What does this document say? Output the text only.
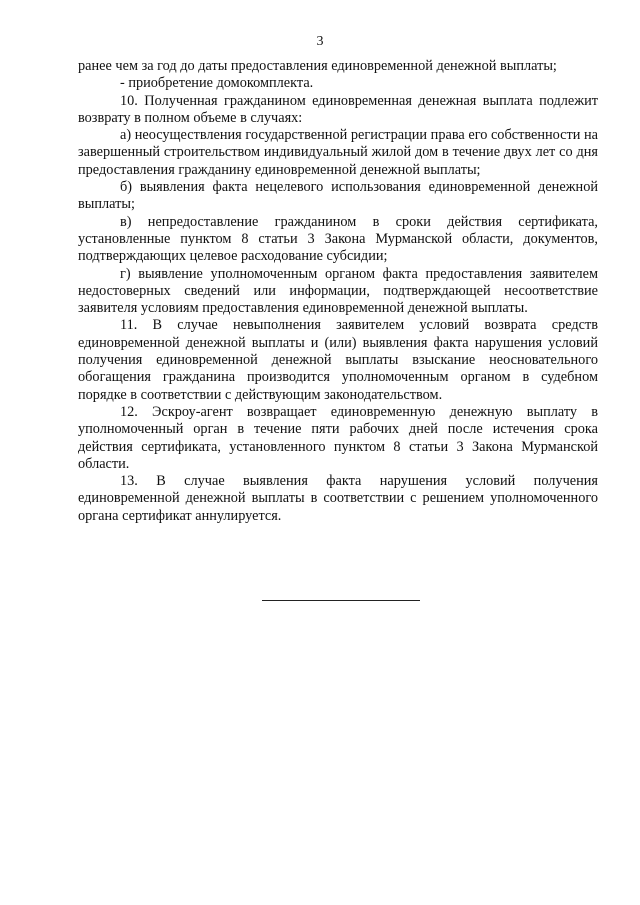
3

ранее чем за год до даты предоставления единовременной денежной выплаты;

- приобретение домокомплекта.

10. Полученная гражданином единовременная денежная выплата подлежит возврату в полном объеме в случаях:

а) неосуществления государственной регистрации права его собственности на завершенный строительством индивидуальный жилой дом в течение двух лет со дня предоставления гражданину единовременной денежной выплаты;

б) выявления факта нецелевого использования единовременной денежной выплаты;

в) непредоставление гражданином в сроки действия сертификата, установленные пунктом 8 статьи 3 Закона Мурманской области, документов, подтверждающих целевое расходование субсидии;

г) выявление уполномоченным органом факта предоставления заявителем недостоверных сведений или информации, подтверждающей несоответствие заявителя условиям предоставления единовременной денежной выплаты.

11. В случае невыполнения заявителем условий возврата средств единовременной денежной выплаты и (или) выявления факта нарушения условий получения единовременной денежной выплаты взыскание неосновательного обогащения гражданина производится уполномоченным органом в судебном порядке в соответствии с действующим законодательством.

12. Эскроу-агент возвращает единовременную денежную выплату в уполномоченный орган в течение пяти рабочих дней после истечения срока действия сертификата, установленного пунктом 8 статьи 3 Закона Мурманской области.

13. В случае выявления факта нарушения условий получения единовременной денежной выплаты в соответствии с решением уполномоченного органа сертификат аннулируется.
